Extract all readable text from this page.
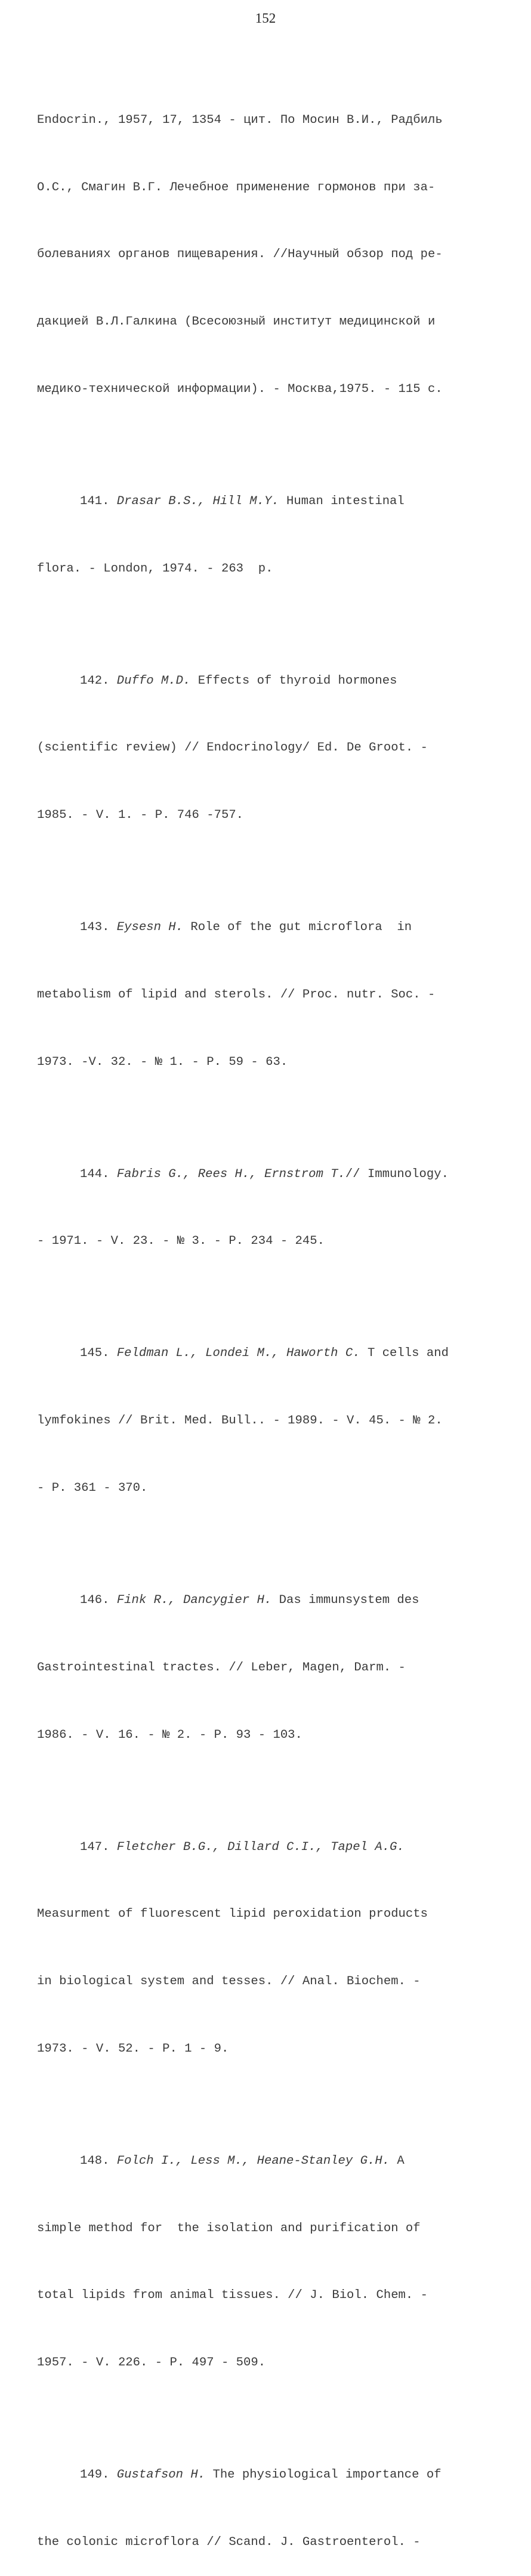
152

Endocrin., 1957, 17, 1354 - цит. По Мосин В.И., Радбиль

О.С., Смагин В.Г. Лечебное применение гормонов при за-

болеваниях органов пищеварения. //Научный обзор под ре-

дакцией В.Л.Галкина (Всесоюзный институт медицинской и

медико-технической информации). - Москва,1975. - 115 с.

141. Drasar B.S., Hill M.Y. Human intestinal

flora. - London, 1974. - 263  p.

142. Duffo M.D. Effects of thyroid hormones

(scientific review) // Endocrinology/ Ed. De Groot. -

1985. - V. 1. - P. 746 -757.

143. Eysesn H. Role of the gut microflora  in

metabolism of lipid and sterols. // Proc. nutr. Soc. -

1973. -V. 32. - № 1. - P. 59 - 63.

144. Fabris G., Rees H., Ernstrom T.// Immunology.

- 1971. - V. 23. - № 3. - P. 234 - 245.

145. Feldman L., Londei M., Haworth C. T cells and

lymfokines // Brit. Med. Bull.. - 1989. - V. 45. - № 2.

- P. 361 - 370.

146. Fink R., Dancygier H. Das immunsystem des

Gastrointestinal tractes. // Leber, Magen, Darm. -

1986. - V. 16. - № 2. - P. 93 - 103.

147. Fletcher B.G., Dillard C.I., Tapel A.G.

Measurment of fluorescent lipid peroxidation products

in biological system and tesses. // Anal. Biochem. -

1973. - V. 52. - P. 1 - 9.

148. Folch I., Less M., Heane-Stanley G.H. A

simple method for  the isolation and purification of

total lipids from animal tissues. // J. Biol. Chem. -

1957. - V. 226. - P. 497 - 509.

149. Gustafson H. The physiological importance of

the colonic microflora // Scand. J. Gastroenterol. -
